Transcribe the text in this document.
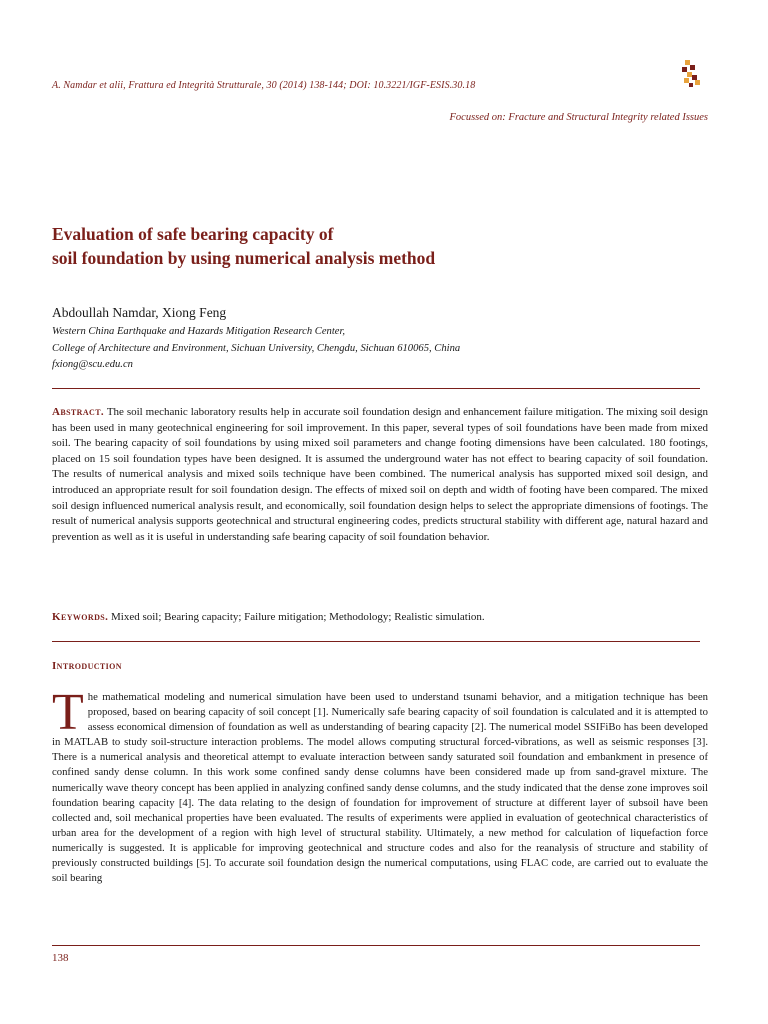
A. Namdar et alii, Frattura ed Integrità Strutturale, 30 (2014) 138-144; DOI: 10.3221/IGF-ESIS.30.18
Focussed on: Fracture and Structural Integrity related Issues
Evaluation of safe bearing capacity of
soil foundation by using numerical analysis method
Abdoullah Namdar, Xiong Feng
Western China Earthquake and Hazards Mitigation Research Center,
College of Architecture and Environment, Sichuan University, Chengdu, Sichuan 610065, China
fxiong@scu.edu.cn
Abstract. The soil mechanic laboratory results help in accurate soil foundation design and enhancement failure mitigation. The mixing soil design has been used in many geotechnical engineering for soil improvement. In this paper, several types of soil foundations have been made from mixed soil. The bearing capacity of soil foundations by using mixed soil parameters and change footing dimensions have been calculated. 180 footings, placed on 15 soil foundation types have been designed. It is assumed the underground water has not effect to bearing capacity of soil foundation. The results of numerical analysis and mixed soils technique have been combined. The numerical analysis has supported mixed soil design, and introduced an appropriate result for soil foundation design. The effects of mixed soil on depth and width of footing have been compared. The mixed soil design influenced numerical analysis result, and economically, soil foundation design helps to select the appropriate dimensions of footings. The result of numerical analysis supports geotechnical and structural engineering codes, predicts structural stability with different age, natural hazard and prevention as well as it is useful in understanding safe bearing capacity of soil foundation behavior.
Keywords. Mixed soil; Bearing capacity; Failure mitigation; Methodology; Realistic simulation.
Introduction
T he mathematical modeling and numerical simulation have been used to understand tsunami behavior, and a mitigation technique has been proposed, based on bearing capacity of soil concept [1]. Numerically safe bearing capacity of soil foundation is calculated and it is attempted to assess economical dimension of foundation as well as understanding of bearing capacity [2]. The numerical model SSIFiBo has been developed in MATLAB to study soil-structure interaction problems. The model allows computing structural forced-vibrations, as well as seismic responses [3]. There is a numerical analysis and theoretical attempt to evaluate interaction between sandy saturated soil foundation and embankment in presence of confined sandy dense column. In this work some confined sandy dense columns have been considered made up from sand-gravel mixture. The numerically wave theory concept has been applied in analyzing confined sandy dense columns, and the study indicated that the dense zone improves soil foundation bearing capacity [4]. The data relating to the design of foundation for improvement of structure at different layer of subsoil have been collected and, soil mechanical properties have been evaluated. The results of experiments were applied in evaluation of geotechnical characteristics of urban area for the development of a region with high level of structural stability. Ultimately, a new method for calculation of liquefaction force numerically is suggested. It is applicable for improving geotechnical and structure codes and also for the reanalysis of structure and stability of previously constructed buildings [5]. To accurate soil foundation design the numerical computations, using FLAC code, are carried out to evaluate the soil bearing
138
